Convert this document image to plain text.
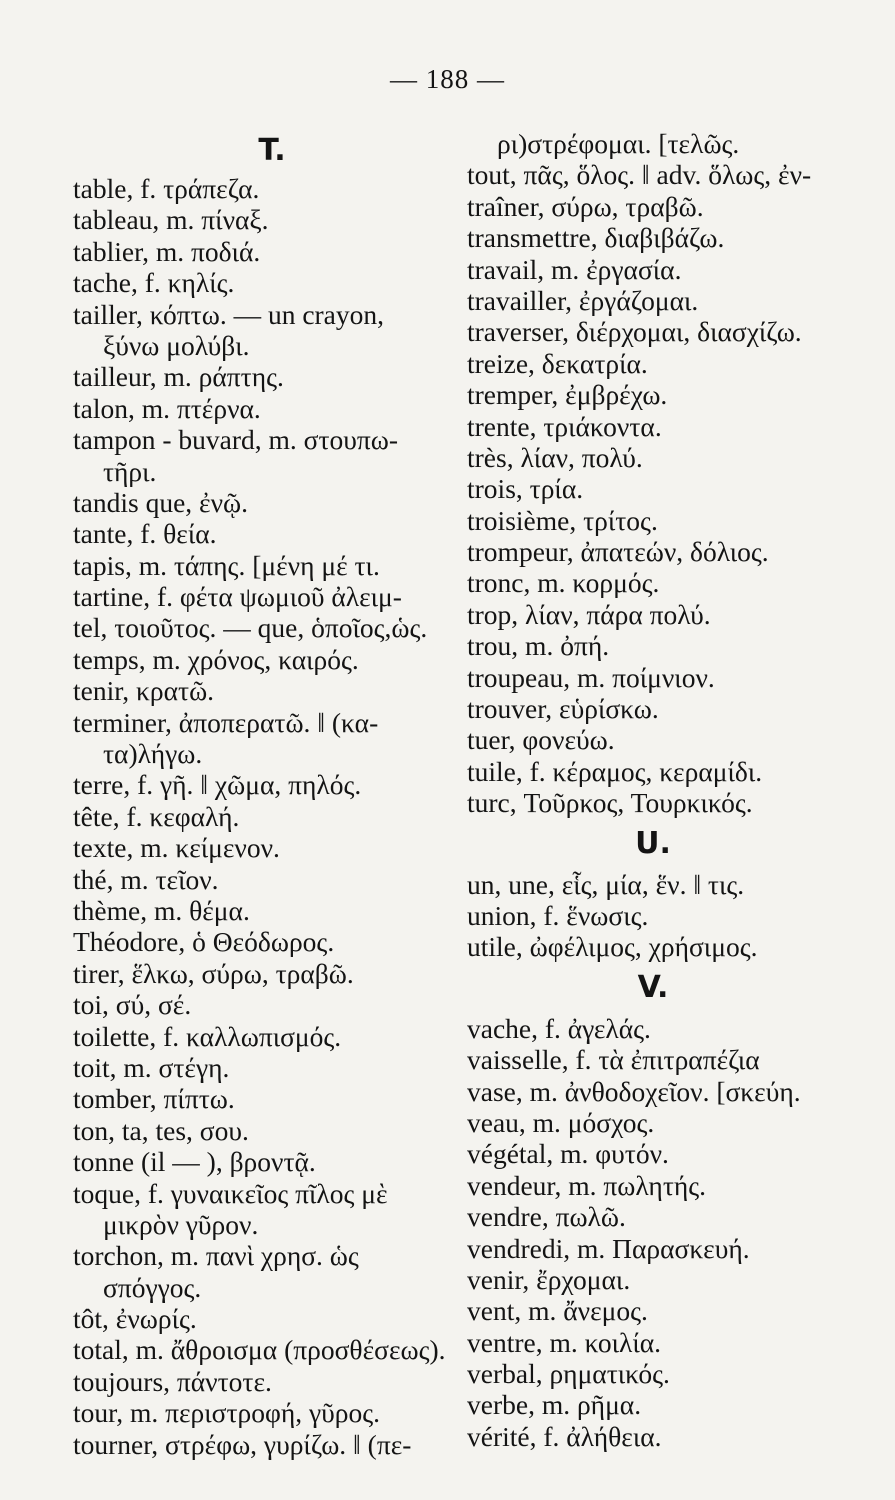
— 188 —
T.
table, f. τράπεζα.
tableau, m. πίναξ.
tablier, m. ποδιά.
tache, f. κηλίς.
tailler, κόπτω. — un crayon,
ξύνω μολύβι.
tailleur, m. ράπτης.
talon, m. πτέρνα.
tampon - buvard, m. στουπω-
τῆρι.
tandis que, ἐνῷ.
tante, f. θεία.
tapis, m. τάπης. [μένη μέ τι.
tartine, f. φέτα ψωμιοῦ ἀλειμ-
tel, τοιοῦτος. — que, ὁποῖος,ὡς.
temps, m. χρόνος, καιρός.
tenir, κρατῶ.
terminer, ἀποπερατῶ. ‖ (κα-
τα)λήγω.
terre, f. γῆ. ‖ χῶμα, πηλός.
tête, f. κεφαλή.
texte, m. κείμενον.
thé, m. τεῖον.
thème, m. θέμα.
Théodore, ὁ Θεόδωρος.
tirer, ἕλκω, σύρω, τραβῶ.
toi, σύ, σέ.
toilette, f. καλλωπισμός.
toit, m. στέγη.
tomber, πίπτω.
ton, ta, tes, σου.
tonne (il — ), βροντᾷ.
toque, f. γυναικεῖος πῖλος μὲ
μικρὸν γῦρον.
torchon, m. πανὶ χρησ. ὡς
σπόγγος.
tôt, ἐνωρίς.
total, m. ἄθροισμα (προσθέσεως).
toujours, πάντοτε.
tour, m. περιστροφή, γῦρος.
tourner, στρέφω, γυρίζω. ‖ (πε-
ρι)στρέφομαι. [τελῶς.
tout, πᾶς, ὅλος. ‖ adv. ὅλως, ἐν-
traîner, σύρω, τραβῶ.
transmettre, διαβιβάζω.
travail, m. ἐργασία.
travailler, ἐργάζομαι.
traverser, διέρχομαι, διασχίζω.
treize, δεκατρία.
tremper, ἐμβρέχω.
trente, τριάκοντα.
très, λίαν, πολύ.
trois, τρία.
troisième, τρίτος.
trompeur, ἀπατεών, δόλιος.
tronc, m. κορμός.
trop, λίαν, πάρα πολύ.
trou, m. ὀπή.
troupeau, m. ποίμνιον.
trouver, εὑρίσκω.
tuer, φονεύω.
tuile, f. κέραμος, κεραμίδι.
turc, Τοῦρκος, Τουρκικός.
U.
un, une, εἷς, μία, ἕν. ‖ τις.
union, f. ἕνωσις.
utile, ὠφέλιμος, χρήσιμος.
V.
vache, f. ἀγελάς.
vaisselle, f. τὰ ἐπιτραπέζια
vase, m. ἀνθοδοχεῖον. [σκεύη.
veau, m. μόσχος.
végétal, m. φυτόν.
vendeur, m. πωλητής.
vendre, πωλῶ.
vendredi, m. Παρασκευή.
venir, ἔρχομαι.
vent, m. ἄνεμος.
ventre, m. κοιλία.
verbal, ρηματικός.
verbe, m. ρῆμα.
vérité, f. ἀλήθεια.
